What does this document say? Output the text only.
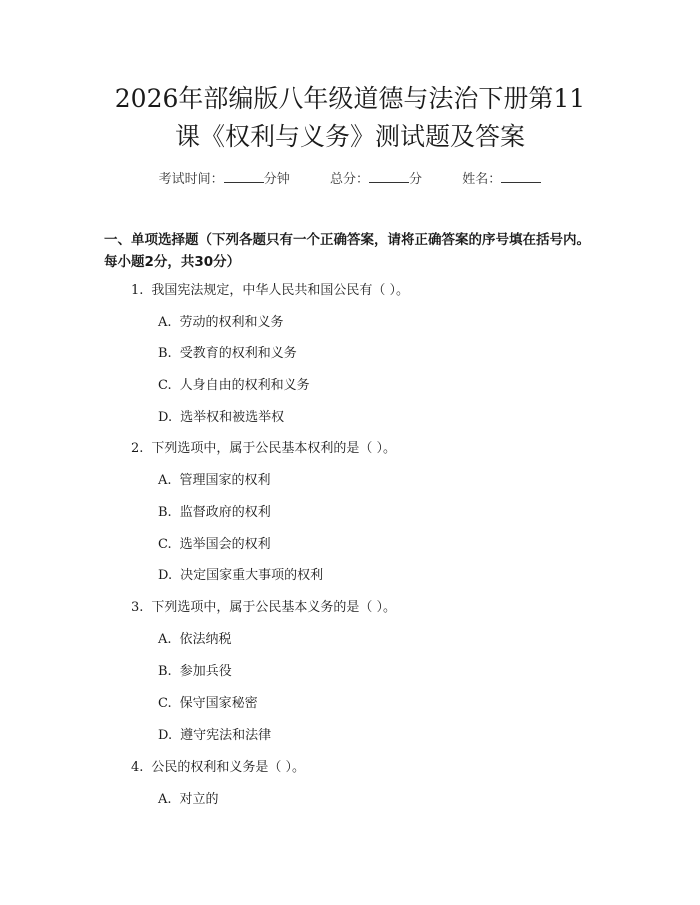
2026年部编版八年级道德与法治下册第11
课《权利与义务》测试题及答案
考试时间：	分钟	总分：	分	姓名：

一、单项选择题（下列各题只有一个正确答案，请将正确答案的序号填在括号内。每小题2分，共30分）

1. 我国宪法规定，中华人民共和国公民有（ ）。
A. 劳动的权利和义务
B. 受教育的权利和义务
C. 人身自由的权利和义务
D. 选举权和被选举权
2. 下列选项中，属于公民基本权利的是（ ）。
A. 管理国家的权利
B. 监督政府的权利
C. 选举国会的权利
D. 决定国家重大事项的权利
3. 下列选项中，属于公民基本义务的是（ ）。
A. 依法纳税
B. 参加兵役
C. 保守国家秘密
D. 遵守宪法和法律
4. 公民的权利和义务是（ ）。
A. 对立的
